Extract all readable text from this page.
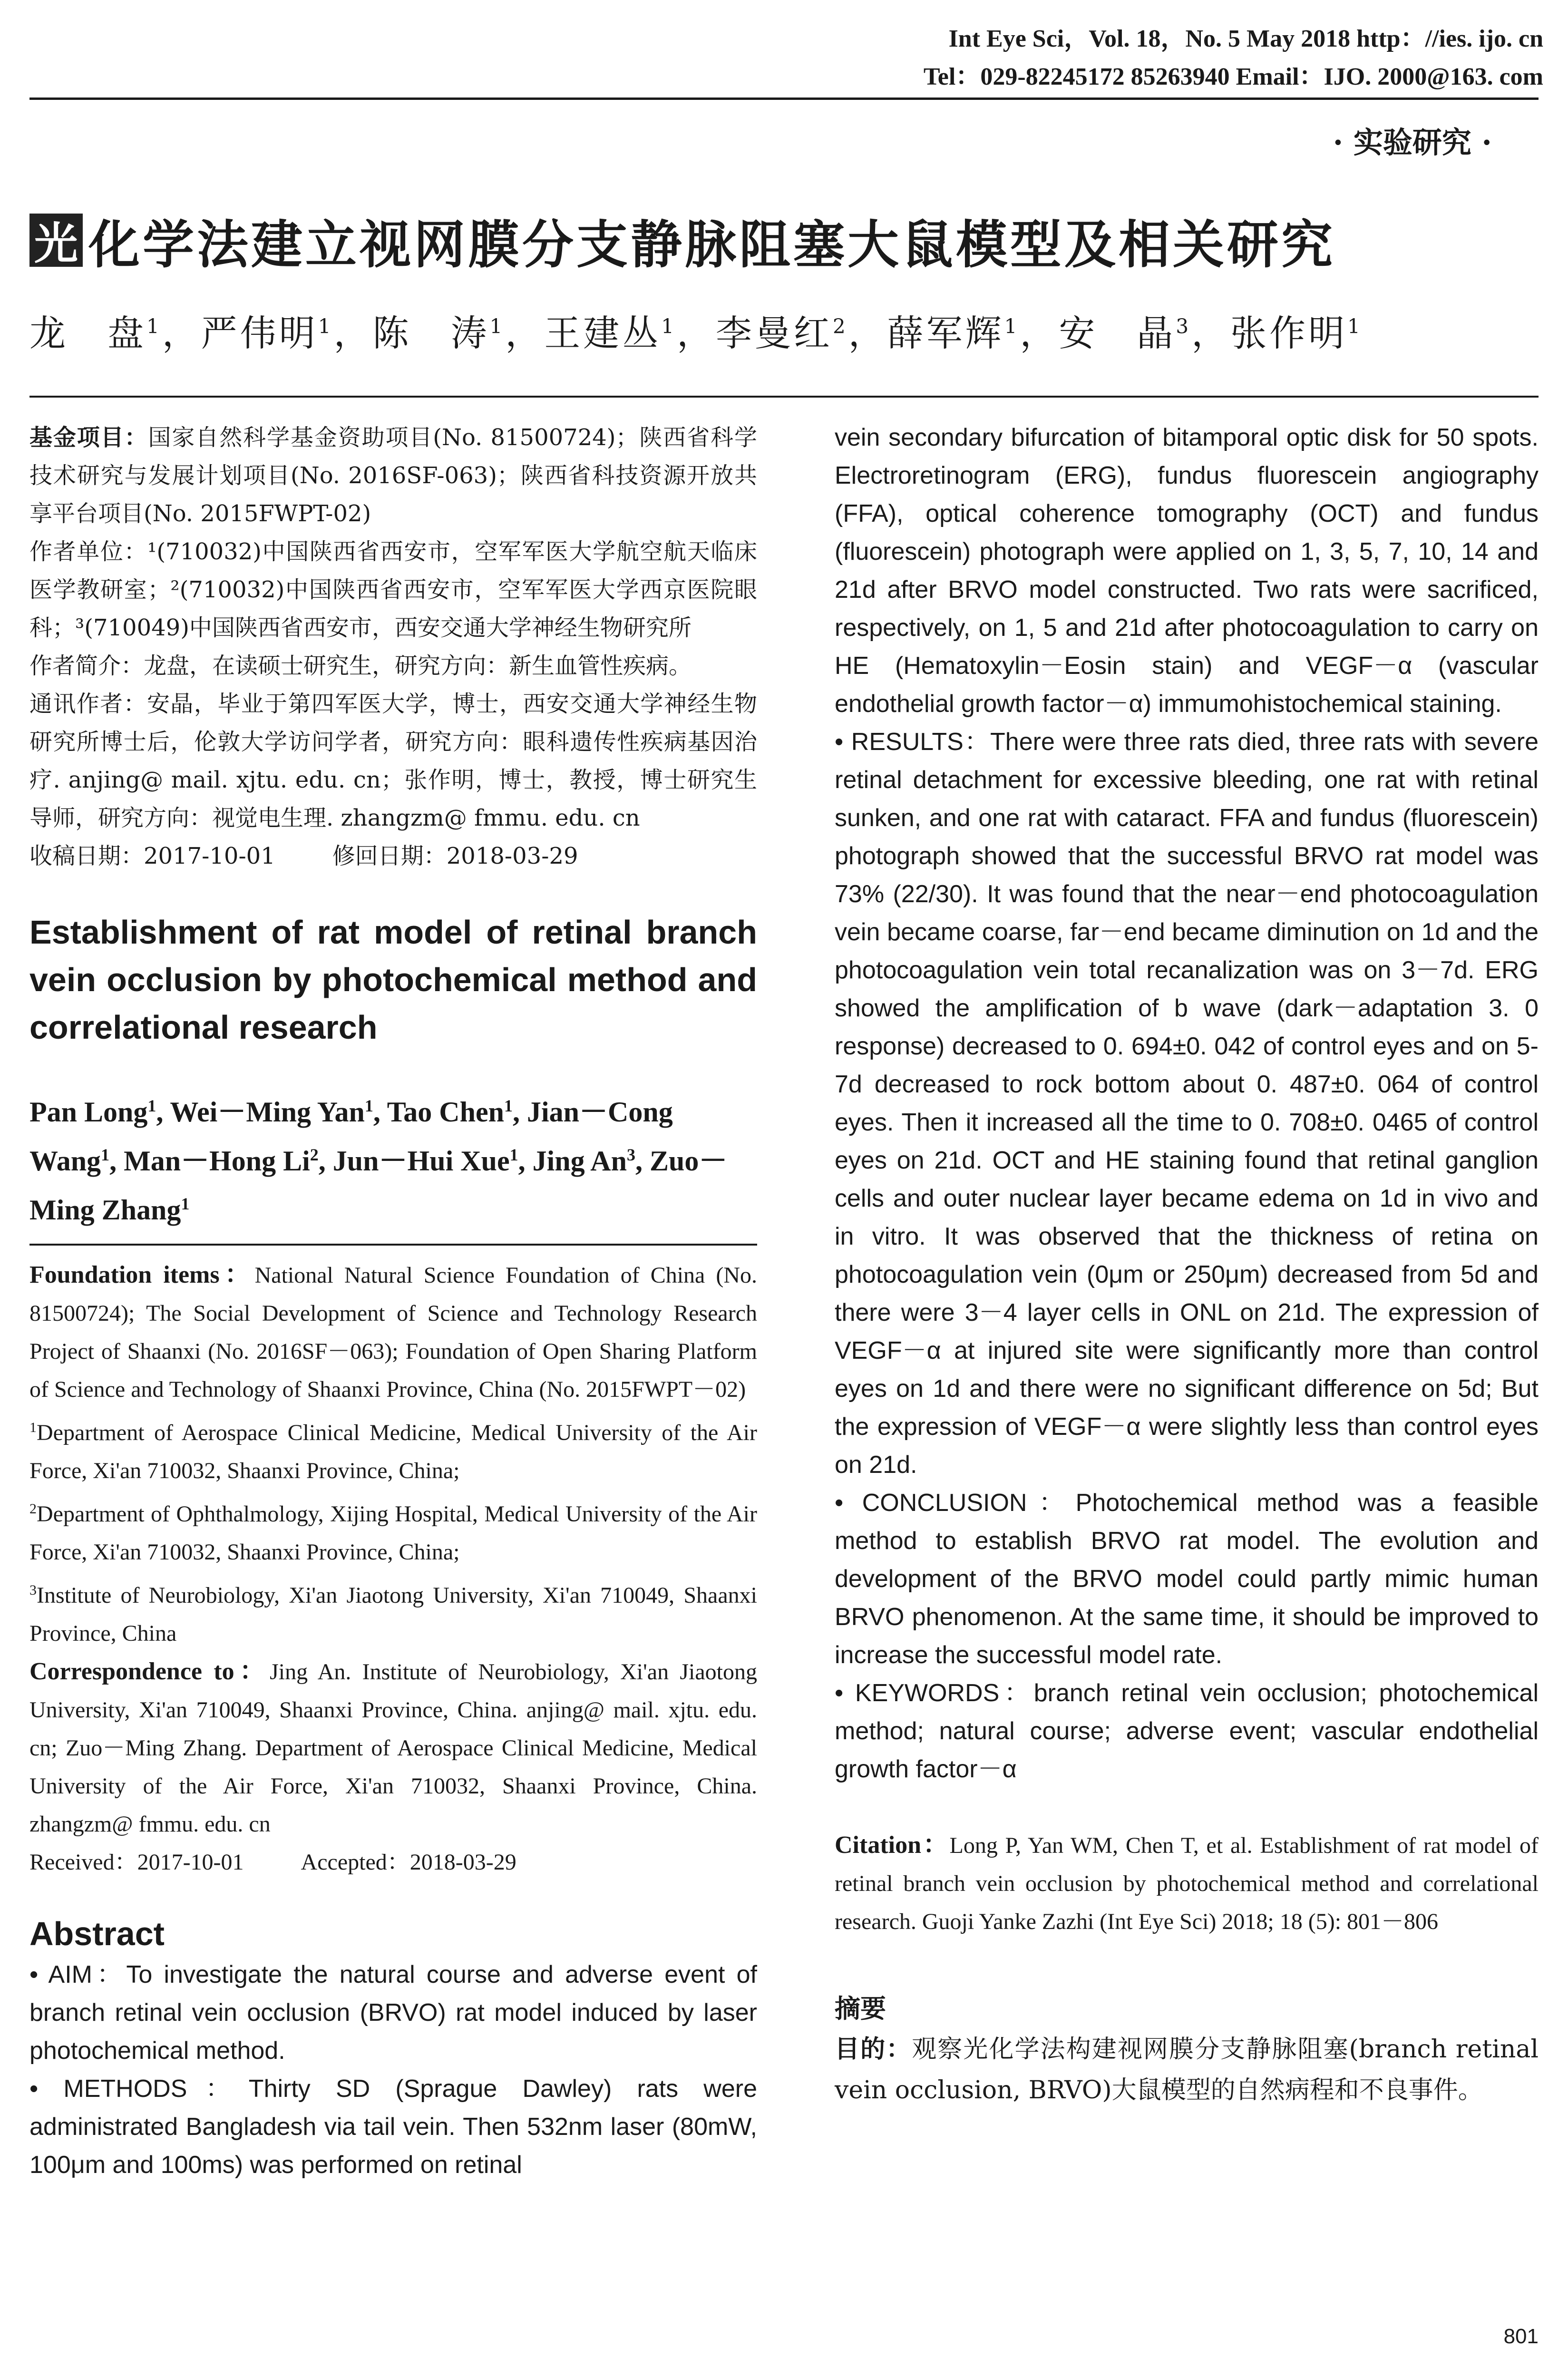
Int Eye Sci，Vol. 18，No. 5 May 2018 http：//ies. ijo. cn
Tel：029-82245172 85263940 Email：IJO. 2000@163. com
· 实验研究 ·
光 化学法建立视网膜分支静脉阻塞大鼠模型及相关研究
龙　盘$^1$，严伟明$^1$，陈　涛$^1$，王建丛$^1$，李曼红$^2$，薛军辉$^1$，安　晶$^3$，张作明$^1$

基金项目：国家自然科学基金资助项目(No. 81500724)；陕西省科学技术研究与发展计划项目(No. 2016SF-063)；陕西省科技资源开放共享平台项目(No. 2015FWPT-02)

作者单位：¹(710032)中国陕西省西安市，空军军医大学航空航天临床医学教研室；²(710032)中国陕西省西安市，空军军医大学西京医院眼科；³(710049)中国陕西省西安市，西安交通大学神经生物研究所

作者简介：龙盘，在读硕士研究生，研究方向：新生血管性疾病。

通讯作者：安晶，毕业于第四军医大学，博士，西安交通大学神经生物研究所博士后，伦敦大学访问学者，研究方向：眼科遗传性疾病基因治疗. anjing@ mail. xjtu. edu. cn；张作明，博士，教授，博士研究生导师，研究方向：视觉电生理. zhangzm@ fmmu. edu. cn

收稿日期：2017-10-01	修回日期：2018-03-29

Establishment of rat model of retinal branch vein occlusion by photochemical method and correlational research
Pan Long$^1$, Wei－Ming Yan$^1$, Tao Chen$^1$, Jian－Cong Wang$^1$, Man－Hong Li$^2$, Jun－Hui Xue$^1$, Jing An$^3$, Zuo－Ming Zhang$^1$

Foundation items：National Natural Science Foundation of China (No. 81500724); The Social Development of Science and Technology Research Project of Shaanxi (No. 2016SF－063); Foundation of Open Sharing Platform of Science and Technology of Shaanxi Province, China (No. 2015FWPT－02)

$^1$Department of Aerospace Clinical Medicine, Medical University of the Air Force, Xi'an 710032, Shaanxi Province, China;

$^2$Department of Ophthalmology, Xijing Hospital, Medical University of the Air Force, Xi'an 710032, Shaanxi Province, China;

$^3$Institute of Neurobiology, Xi'an Jiaotong University, Xi'an 710049, Shaanxi Province, China

Correspondence to：Jing An. Institute of Neurobiology, Xi'an Jiaotong University, Xi'an 710049, Shaanxi Province, China. anjing@ mail. xjtu. edu. cn; Zuo－Ming Zhang. Department of Aerospace Clinical Medicine, Medical University of the Air Force, Xi'an 710032, Shaanxi Province, China. zhangzm@ fmmu. edu. cn

Received：2017-10-01	Accepted：2018-03-29

Abstract

• AIM：To investigate the natural course and adverse event of branch retinal vein occlusion (BRVO) rat model induced by laser photochemical method.

• METHODS：Thirty SD (Sprague Dawley) rats were administrated Bangladesh via tail vein. Then 532nm laser (80mW, 100μm and 100ms) was performed on retinal

vein secondary bifurcation of bitamporal optic disk for 50 spots. Electroretinogram (ERG), fundus fluorescein angiography (FFA), optical coherence tomography (OCT) and fundus (fluorescein) photograph were applied on 1, 3, 5, 7, 10, 14 and 21d after BRVO model constructed. Two rats were sacrificed, respectively, on 1, 5 and 21d after photocoagulation to carry on HE (Hematoxylin－Eosin stain) and VEGF－α (vascular endothelial growth factor－α) immumohistochemical staining.

• RESULTS：There were three rats died, three rats with severe retinal detachment for excessive bleeding, one rat with retinal sunken, and one rat with cataract. FFA and fundus (fluorescein) photograph showed that the successful BRVO rat model was 73% (22/30). It was found that the near－end photocoagulation vein became coarse, far－end became diminution on 1d and the photocoagulation vein total recanalization was on 3－7d. ERG showed the amplification of b wave (dark－adaptation 3. 0 response) decreased to 0. 694±0. 042 of control eyes and on 5-7d decreased to rock bottom about 0. 487±0. 064 of control eyes. Then it increased all the time to 0. 708±0. 0465 of control eyes on 21d. OCT and HE staining found that retinal ganglion cells and outer nuclear layer became edema on 1d in vivo and in vitro. It was observed that the thickness of retina on photocoagulation vein (0μm or 250μm) decreased from 5d and there were 3－4 layer cells in ONL on 21d. The expression of VEGF－α at injured site were significantly more than control eyes on 1d and there were no significant difference on 5d; But the expression of VEGF－α were slightly less than control eyes on 21d.

• CONCLUSION：Photochemical method was a feasible method to establish BRVO rat model. The evolution and development of the BRVO model could partly mimic human BRVO phenomenon. At the same time, it should be improved to increase the successful model rate.

• KEYWORDS：branch retinal vein occlusion; photochemical method; natural course; adverse event; vascular endothelial growth factor－α

Citation：Long P, Yan WM, Chen T, et al. Establishment of rat model of retinal branch vein occlusion by photochemical method and correlational research. Guoji Yanke Zazhi (Int Eye Sci) 2018; 18 (5): 801－806

摘要

目的：观察光化学法构建视网膜分支静脉阻塞(branch retinal vein occlusion, BRVO)大鼠模型的自然病程和不良事件。

801
